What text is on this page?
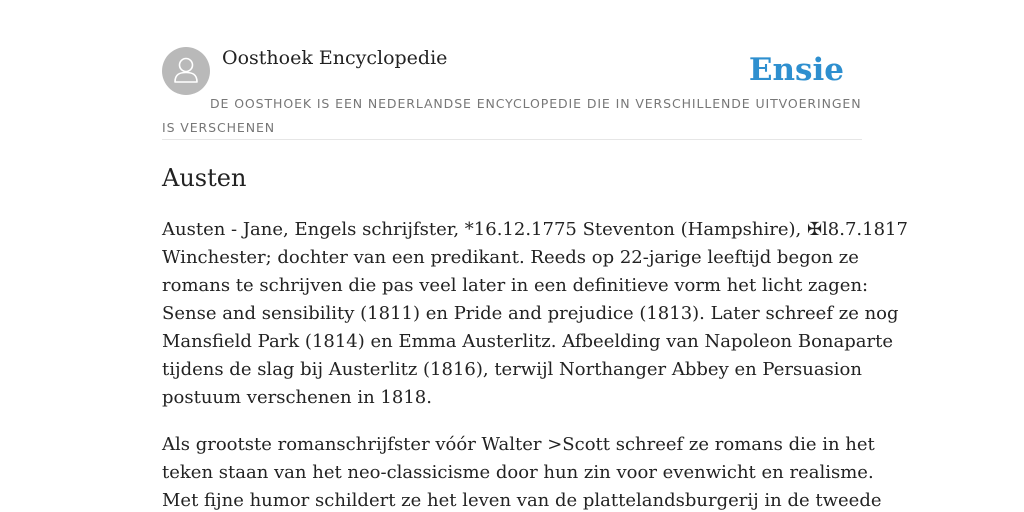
Oosthoek Encyclopedie	Ensie
DE OOSTHOEK IS EEN NEDERLANDSE ENCYCLOPEDIE DIE IN VERSCHILLENDE UITVOERINGEN IS VERSCHENEN
Austen

Austen - Jane, Engels schrijfster, *16.12.1775 Steventon (Hampshire), ✠l8.7.1817
Winchester; dochter van een predikant. Reeds op 22-jarige leeftijd begon ze
romans te schrijven die pas veel later in een definitieve vorm het licht zagen:
Sense and sensibility (1811) en Pride and prejudice (1813). Later schreef ze nog
Mansfield Park (1814) en Emma Austerlitz. Afbeelding van Napoleon Bonaparte
tijdens de slag bij Austerlitz (1816), terwijl Northanger Abbey en Persuasion
postuum verschenen in 1818.

Als grootste romanschrijfster vóór Walter >Scott schreef ze romans die in het
teken staan van het neo-classicisme door hun zin voor evenwicht en realisme.
Met fijne humor schildert ze het leven van de plattelandsburgerij in de tweede
